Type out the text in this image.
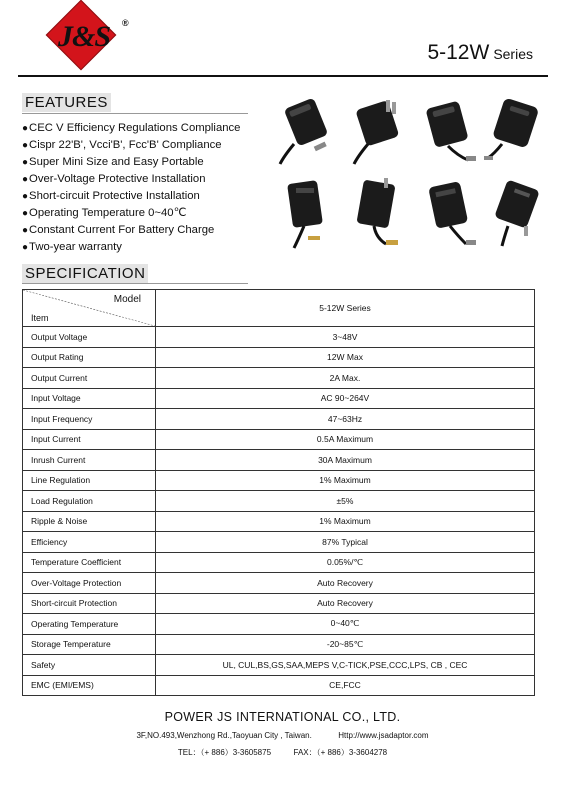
J&S	®
5-12W Series
FEATURES
● CEC V Efficiency Regulations Compliance
● Cispr 22'B', Vcci'B', Fcc'B' Compliance
● Super Mini Size and Easy Portable
● Over-Voltage Protective Installation
● Short-circuit Protective Installation
● Operating Temperature 0~40℃
● Constant Current For Battery Charge
● Two-year warranty
SPECIFICATION
Model
Item	5-12W Series
Output Voltage	3~48V
Output Rating	12W Max
Output Current	2A Max.
Input Voltage	AC 90~264V
Input Frequency	47~63Hz
Input Current	0.5A Maximum
Inrush Current	30A Maximum
Line Regulation	1% Maximum
Load Regulation	±5%
Ripple & Noise	1% Maximum
Efficiency	87% Typical
Temperature Coefficient	0.05%/℃
Over-Voltage Protection	Auto Recovery
Short-circuit Protection	Auto Recovery
Operating Temperature	0~40℃
Storage Temperature	-20~85℃
Safety	UL, CUL,BS,GS,SAA,MEPS V,C-TICK,PSE,CCC,LPS, CB , CEC
EMC (EMI/EMS)	CE,FCC
POWER JS INTERNATIONAL CO., LTD.
3F,NO.493,Wenzhong Rd.,Taoyuan City , Taiwan.	Http://www.jsadaptor.com
TEL：（+ 886）3-3605875	FAX：（+ 886）3-3604278
